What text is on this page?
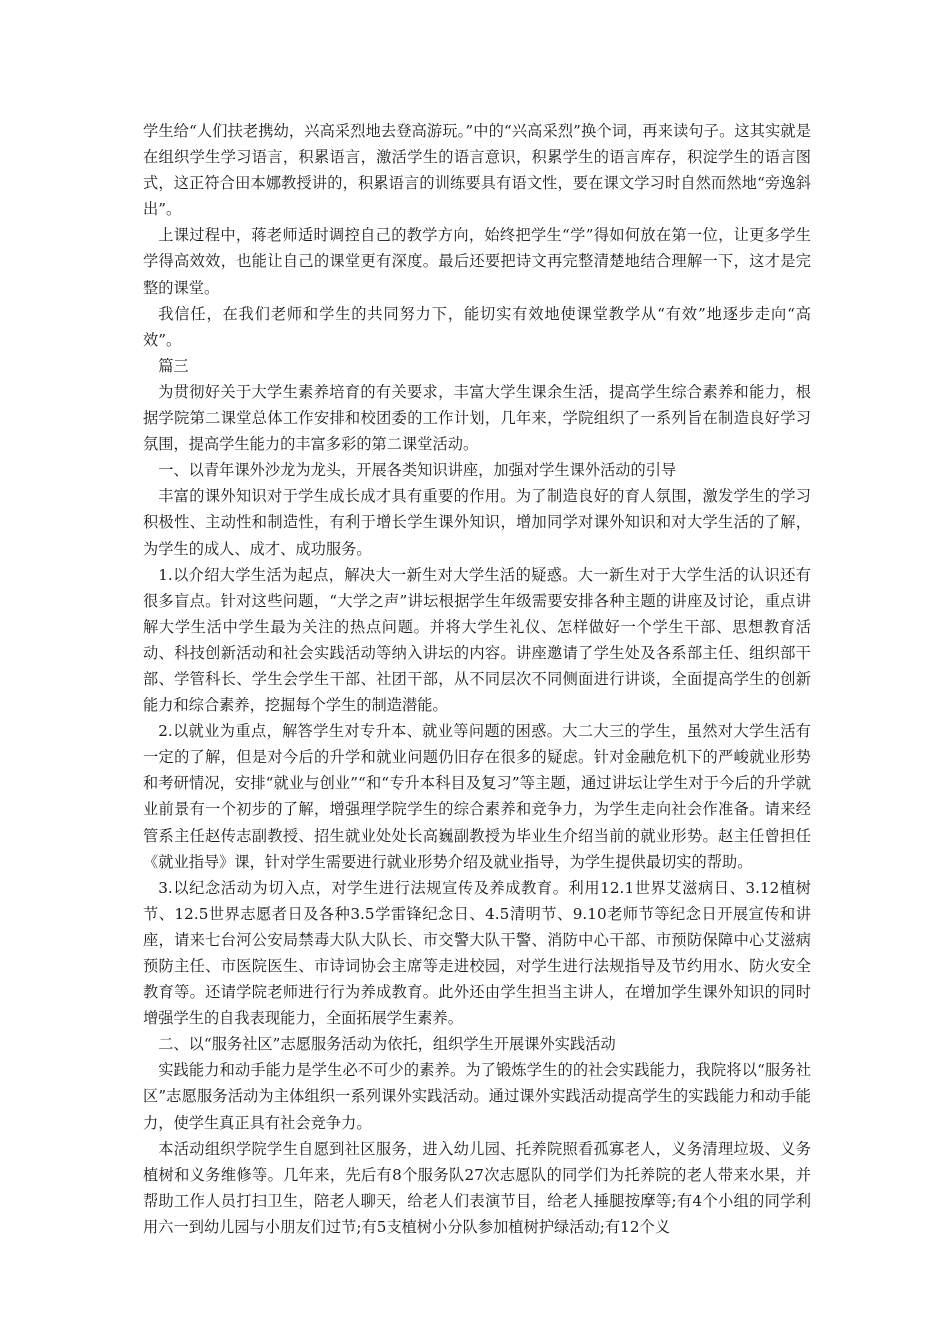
学生给“人们扶老携幼，兴高采烈地去登高游玩。”中的“兴高采烈”换个词，再来读句子。这其实就是在组织学生学习语言，积累语言，激活学生的语言意识，积累学生的语言库存，积淀学生的语言图式，这正符合田本娜教授讲的，积累语言的训练要具有语文性，要在课文学习时自然而然地“旁逸斜出”。

上课过程中，蒋老师适时调控自己的教学方向，始终把学生“学”得如何放在第一位，让更多学生学得高效效，也能让自己的课堂更有深度。最后还要把诗文再完整清楚地结合理解一下，这才是完整的课堂。

我信任，在我们老师和学生的共同努力下，能切实有效地使课堂教学从“有效”地逐步走向“高效”。

篇三

为贯彻好关于大学生素养培育的有关要求，丰富大学生课余生活，提高学生综合素养和能力，根据学院第二课堂总体工作安排和校团委的工作计划，几年来，学院组织了一系列旨在制造良好学习氛围，提高学生能力的丰富多彩的第二课堂活动。

一、以青年课外沙龙为龙头，开展各类知识讲座，加强对学生课外活动的引导

丰富的课外知识对于学生成长成才具有重要的作用。为了制造良好的育人氛围，激发学生的学习积极性、主动性和制造性，有利于增长学生课外知识，增加同学对课外知识和对大学生活的了解，为学生的成人、成才、成功服务。

1.以介绍大学生活为起点，解决大一新生对大学生活的疑惑。大一新生对于大学生活的认识还有很多盲点。针对这些问题，“大学之声”讲坛根据学生年级需要安排各种主题的讲座及讨论，重点讲解大学生活中学生最为关注的热点问题。并将大学生礼仪、怎样做好一个学生干部、思想教育活动、科技创新活动和社会实践活动等纳入讲坛的内容。讲座邀请了学生处及各系部主任、组织部干部、学管科长、学生会学生干部、社团干部，从不同层次不同侧面进行讲谈，全面提高学生的创新能力和综合素养，挖掘每个学生的制造潜能。

2.以就业为重点，解答学生对专升本、就业等问题的困惑。大二大三的学生，虽然对大学生活有一定的了解，但是对今后的升学和就业问题仍旧存在很多的疑虑。针对金融危机下的严峻就业形势和考研情况，安排“就业与创业”“和“专升本科目及复习”等主题，通过讲坛让学生对于今后的升学就业前景有一个初步的了解，增强理学院学生的综合素养和竞争力，为学生走向社会作准备。请来经管系主任赵传志副教授、招生就业处处长高巍副教授为毕业生介绍当前的就业形势。赵主任曾担任《就业指导》课，针对学生需要进行就业形势介绍及就业指导，为学生提供最切实的帮助。

3.以纪念活动为切入点，对学生进行法规宣传及养成教育。利用12.1世界艾滋病日、3.12植树节、12.5世界志愿者日及各种3.5学雷锋纪念日、4.5清明节、9.10老师节等纪念日开展宣传和讲座，请来七台河公安局禁毒大队大队长、市交警大队干警、消防中心干部、市预防保障中心艾滋病预防主任、市医院医生、市诗词协会主席等走进校园，对学生进行法规指导及节约用水、防火安全教育等。还请学院老师进行行为养成教育。此外还由学生担当主讲人，在增加学生课外知识的同时增强学生的自我表现能力，全面拓展学生素养。

二、以“服务社区”志愿服务活动为依托，组织学生开展课外实践活动

实践能力和动手能力是学生必不可少的素养。为了锻炼学生的的社会实践能力，我院将以“服务社区”志愿服务活动为主体组织一系列课外实践活动。通过课外实践活动提高学生的实践能力和动手能力，使学生真正具有社会竞争力。

本活动组织学院学生自愿到社区服务，进入幼儿园、托养院照看孤寡老人，义务清理垃圾、义务植树和义务维修等。几年来，先后有8个服务队27次志愿队的同学们为托养院的老人带来水果，并帮助工作人员打扫卫生，陪老人聊天，给老人们表演节目，给老人捶腿按摩等;有4个小组的同学利用六一到幼儿园与小朋友们过节;有5支植树小分队参加植树护绿活动;有12个义
